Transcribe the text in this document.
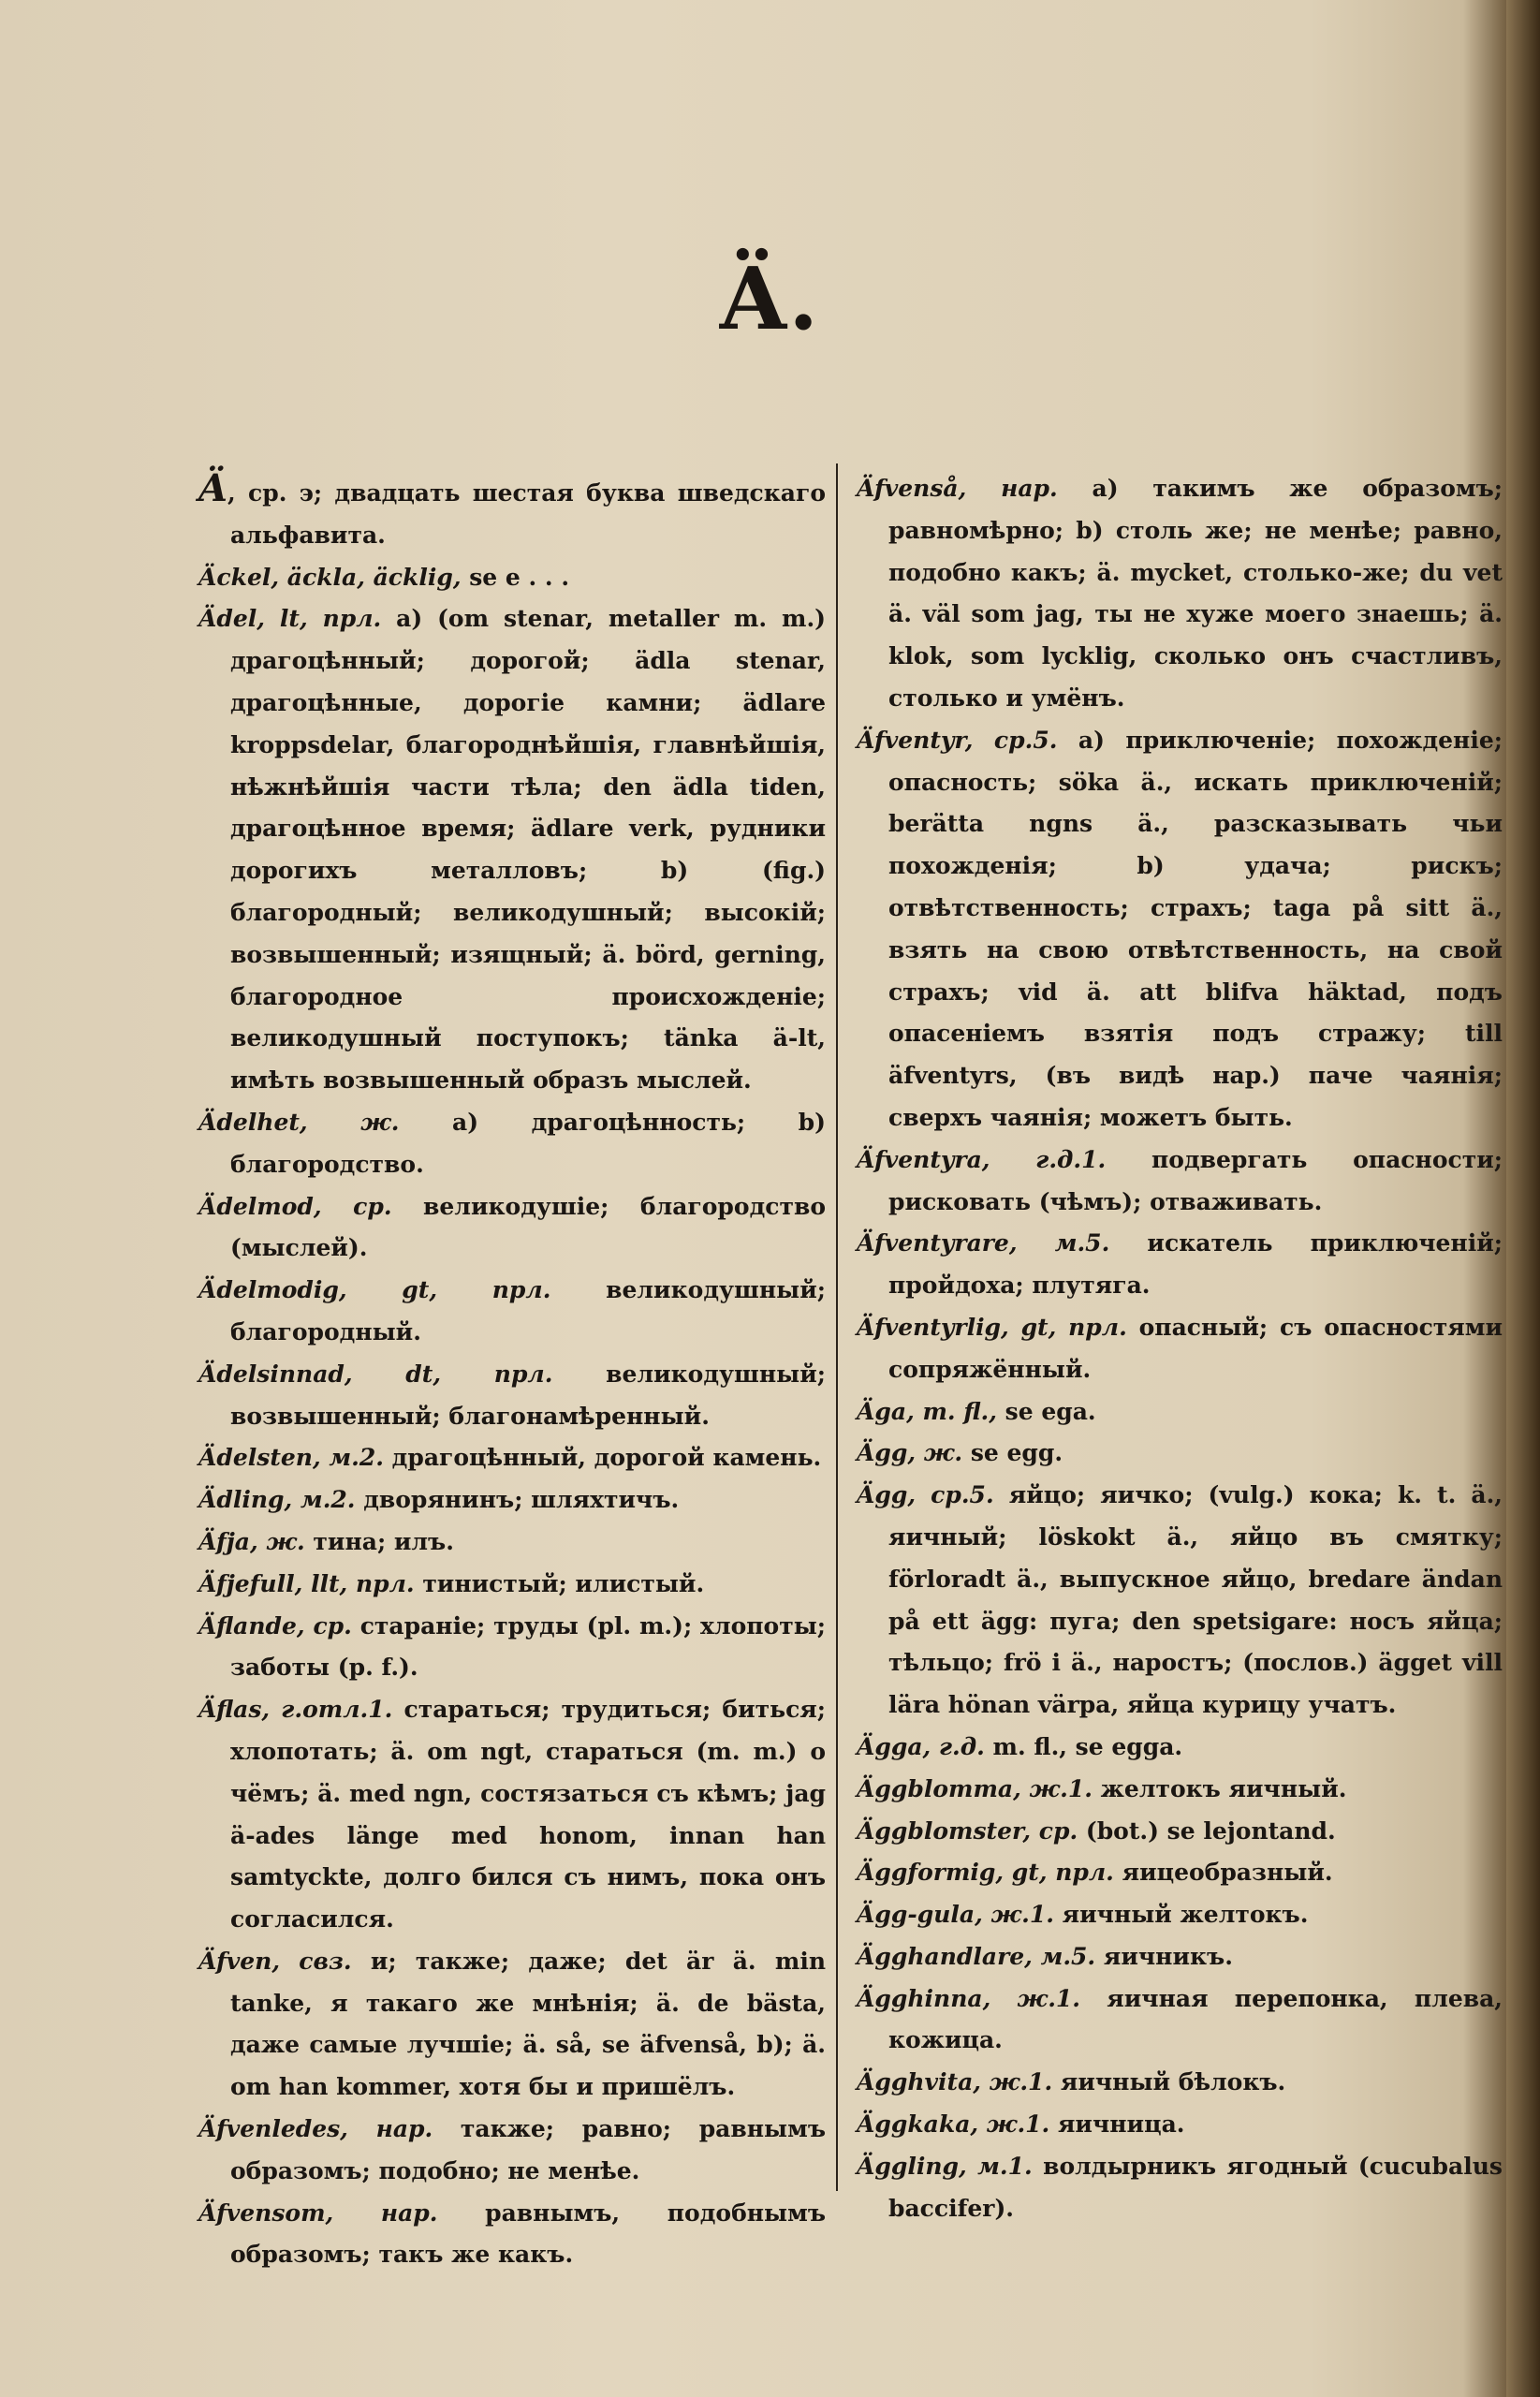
Ä.

Ä, ср. э; двадцать шестая буква шведскаго альфавита.

Äckel, äckla, äcklig, se e . . .

Ädel, lt, прл. a) (om stenar, metaller m. m.) драгоцѣнный; дорогой; ädla stenar, драгоцѣнные, дорогіе камни; ädlare kroppsdelar, благороднѣйшія, главнѣйшія, нѣжнѣйшія части тѣла; den ädla tiden, драгоцѣнное время; ädlare verk, рудники дорогихъ металловъ; b) (fig.) благородный; великодушный; высокій; возвышенный; изящный; ä. börd, gerning, благородное происхожденіе; великодушный поступокъ; tänka ä-lt, имѣть возвышенный образъ мыслей.

Ädelhet, ж. a) драгоцѣнность; b) благородство.

Ädelmod, ср. великодушіе; благородство (мыслей).

Ädelmodig, gt, прл. великодушный; благородный.

Ädelsinnad, dt, прл. великодушный; возвышенный; благонамѣренный.

Ädelsten, м.2. драгоцѣнный, дорогой камень.

Ädling, м.2. дворянинъ; шляхтичъ.

Äfja, ж. тина; илъ.

Äfjefull, llt, прл. тинистый; илистый.

Äflande, ср. стараніе; труды (pl. m.); хлопоты; заботы (p. f.).

Äflas, г.отл.1. стараться; трудиться; биться; хлопотать; ä. om ngt, стараться (m. m.) о чёмъ; ä. med ngn, состязаться съ кѣмъ; jag ä-ades länge med honom, innan han samtyckte, долго бился съ нимъ, пока онъ согласился.

Äfven, свз. и; также; даже; det är ä. min tanke, я такаго же мнѣнія; ä. de bästa, даже самые лучшіе; ä. så, se äfvenså, b); ä. om han kommer, хотя бы и пришёлъ.

Äfvenledes, нар. также; равно; равнымъ образомъ; подобно; не менѣе.

Äfvensom, нар. равнымъ, подобнымъ образомъ; такъ же какъ.

Äfvenså, нар. a) такимъ же образомъ; равномѣрно; b) столь же; не менѣе; равно, подобно какъ; ä. mycket, столько-же; du vet ä. väl som jag, ты не хуже моего знаешь; ä. klok, som lycklig, сколько онъ счастливъ, столько и умёнъ.

Äfventyr, ср.5. a) приключеніе; похожденіе; опасность; söka ä., искать приключеній; berätta ngns ä., разсказывать чьи похожденія; b) удача; рискъ; отвѣтственность; страхъ; taga på sitt ä., взять на свою отвѣтственность, на свой страхъ; vid ä. att blifva häktad, подъ опасеніемъ взятія подъ стражу; till äfventyrs, (въ видѣ нар.) паче чаянія; сверхъ чаянія; можетъ быть.

Äfventyra, г.д.1. подвергать опасности; рисковать (чѣмъ); отваживать.

Äfventyrare, м.5. искатель приключеній; пройдоха; плутяга.

Äfventyrlig, gt, прл. опасный; съ опасностями сопряжённый.

Äga, m. fl., se ega.

Ägg, ж. se egg.

Ägg, ср.5. яйцо; яичко; (vulg.) кока; k. t. ä., яичный; löskokt ä., яйцо въ смятку; förloradt ä., выпускное яйцо, bredare ändan på ett ägg: пуга; den spetsigare: носъ яйца; тѣльцо; frö i ä., наростъ; (послов.) ägget vill lära hönan värpa, яйца курицу учатъ.

Ägga, г.д. m. fl., se egga.

Äggblomma, ж.1. желтокъ яичный.

Äggblomster, ср. (bot.) se lejontand.

Äggformig, gt, прл. яицеобразный.

Ägg-gula, ж.1. яичный желтокъ.

Ägghandlare, м.5. яичникъ.

Ägghinna, ж.1. яичная перепонка, плева, кожица.

Ägghvita, ж.1. яичный бѣлокъ.

Äggkaka, ж.1. яичница.

Äggling, м.1. волдырникъ ягодный (cucubalus baccifer).
